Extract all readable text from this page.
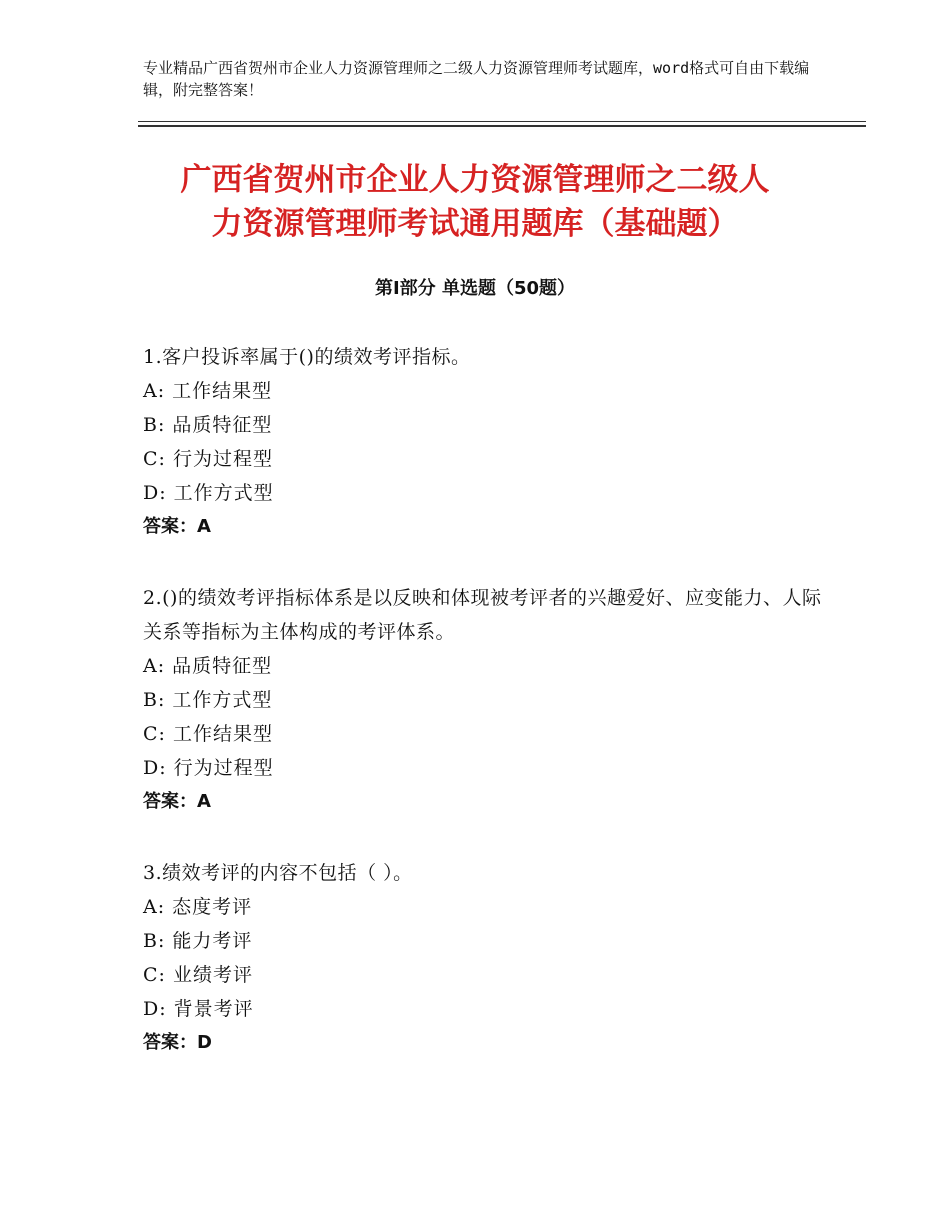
专业精品广西省贺州市企业人力资源管理师之二级人力资源管理师考试题库，word格式可自由下载编辑，附完整答案！
广西省贺州市企业人力资源管理师之二级人
力资源管理师考试通用题库（基础题）
第Ⅰ部分 单选题（50题）
1.客户投诉率属于()的绩效考评指标。
A: 工作结果型
B: 品质特征型
C: 行为过程型
D: 工作方式型
答案：A
2.()的绩效考评指标体系是以反映和体现被考评者的兴趣爱好、应变能力、人际关系等指标为主体构成的考评体系。
A: 品质特征型
B: 工作方式型
C: 工作结果型
D: 行为过程型
答案：A
3.绩效考评的内容不包括（ ）。
A: 态度考评
B: 能力考评
C: 业绩考评
D: 背景考评
答案：D
